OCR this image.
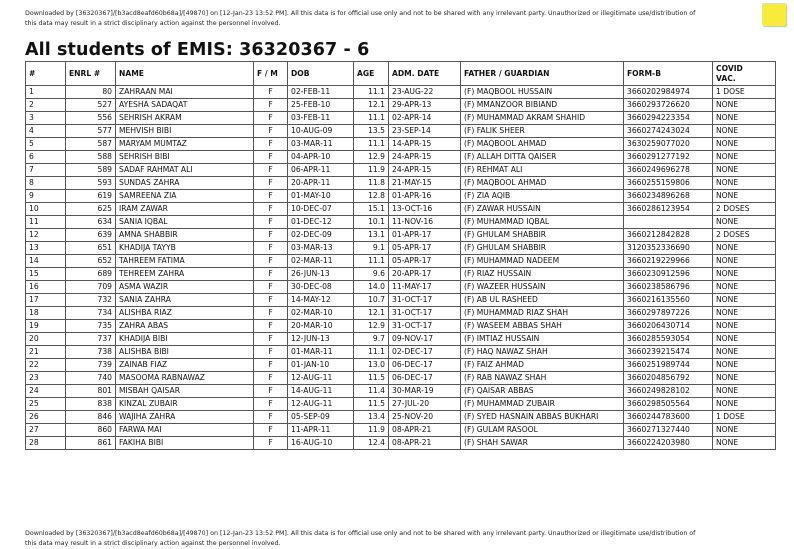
Downloaded by [36320367]/[b3acd8eafd60b68a]/[49870] on [12-Jan-23 13:52 PM]. All this data is for official use only and not to be shared with any irrelevant party. Unauthorized or illegitimate use/distribution of
this data may result in a strict disciplinary action against the personnel involved.
All students of EMIS: 36320367 - 6
#	ENRL #	NAME	F / M	DOB	AGE	ADM. DATE	FATHER / GUARDIAN	FORM-B	COVID
VAC.

1	80	ZAHRAAN MAI	F	02-FEB-11	11.1	23-AUG-22	(F) MAQBOOL HUSSAIN	3660202984974	1 DOSE
2	527	AYESHA SADAQAT	F	25-FEB-10	12.1	29-APR-13	(F) MMANZOOR BIBIAND	3660293726620	NONE
3	556	SEHRISH AKRAM	F	03-FEB-11	11.1	02-APR-14	(F) MUHAMMAD AKRAM SHAHID	3660294223354	NONE
4	577	MEHVISH BIBI	F	10-AUG-09	13.5	23-SEP-14	(F) FALIK SHEER	3660274243024	NONE
5	587	MARYAM MUMTAZ	F	03-MAR-11	11.1	14-APR-15	(F) MAQBOOL AHMAD	3630259077020	NONE
6	588	SEHRISH BIBI	F	04-APR-10	12.9	24-APR-15	(F) ALLAH DITTA QAISER	3660291277192	NONE
7	589	SADAF RAHMAT ALI	F	06-APR-11	11.9	24-APR-15	(F) REHMAT ALI	3660249696278	NONE
8	593	SUNDAS ZAHRA	F	20-APR-11	11.8	21-MAY-15	(F) MAQBOOL AHMAD	3660255159806	NONE
9	619	SAMREENA ZIA	F	01-MAY-10	12.8	01-APR-16	(F) ZIA AQIB	3660234896268	NONE
10	625	IRAM ZAWAR	F	10-DEC-07	15.1	13-OCT-16	(F) ZAWAR HUSSAIN	3660286123954	2 DOSES
11	634	SANIA IQBAL	F	01-DEC-12	10.1	11-NOV-16	(F) MUHAMMAD IQBAL		NONE
12	639	AMNA SHABBIR	F	02-DEC-09	13.1	01-APR-17	(F) GHULAM SHABBIR	3660212842828	2 DOSES
13	651	KHADIJA TAYYB	F	03-MAR-13	9.1	05-APR-17	(F) GHULAM SHABBIR	3120352336690	NONE
14	652	TAHREEM FATIMA	F	02-MAR-11	11.1	05-APR-17	(F) MUHAMMAD NADEEM	3660219229966	NONE
15	689	TEHREEM ZAHRA	F	26-JUN-13	9.6	20-APR-17	(F) RIAZ HUSSAIN	3660230912596	NONE
16	709	ASMA WAZIR	F	30-DEC-08	14.0	11-MAY-17	(F) WAZEER HUSSAIN	3660238586796	NONE
17	732	SANIA ZAHRA	F	14-MAY-12	10.7	31-OCT-17	(F) AB UL RASHEED	3660216135560	NONE
18	734	ALISHBA RIAZ	F	02-MAR-10	12.1	31-OCT-17	(F) MUHAMMAD RIAZ SHAH	3660297897226	NONE
19	735	ZAHRA ABAS	F	20-MAR-10	12.9	31-OCT-17	(F) WASEEM ABBAS SHAH	3660206430714	NONE
20	737	KHADIJA BIBI	F	12-JUN-13	9.7	09-NOV-17	(F) IMTIAZ HUSSAIN	3660285593054	NONE
21	738	ALISHBA BIBI	F	01-MAR-11	11.1	02-DEC-17	(F) HAQ NAWAZ SHAH	3660239215474	NONE
22	739	ZAINAB FIAZ	F	01-JAN-10	13.0	06-DEC-17	(F) FAIZ AHMAD	3660251989744	NONE
23	740	MASOOMA RABNAWAZ	F	12-AUG-11	11.5	06-DEC-17	(F) RAB NAWAZ SHAH	3660204856792	NONE
24	801	MISBAH QAISAR	F	14-AUG-11	11.4	30-MAR-19	(F) QAISAR ABBAS	3660249828102	NONE
25	838	KINZAL ZUBAIR	F	12-AUG-11	11.5	27-JUL-20	(F) MUHAMMAD ZUBAIR	3660298505564	NONE
26	846	WAJIHA ZAHRA	F	05-SEP-09	13.4	25-NOV-20	(F) SYED HASNAIN ABBAS BUKHARI	3660244783600	1 DOSE
27	860	FARWA MAI	F	11-APR-11	11.9	08-APR-21	(F) GULAM RASOOL	3660271327440	NONE
28	861	FAKIHA BIBI	F	16-AUG-10	12.4	08-APR-21	(F) SHAH SAWAR	3660224203980	NONE
Downloaded by [36320367]/[b3acd8eafd60b68a]/[49870] on [12-Jan-23 13:52 PM]. All this data is for official use only and not to be shared with any irrelevant party. Unauthorized or illegitimate use/distribution of
this data may result in a strict disciplinary action against the personnel involved.
